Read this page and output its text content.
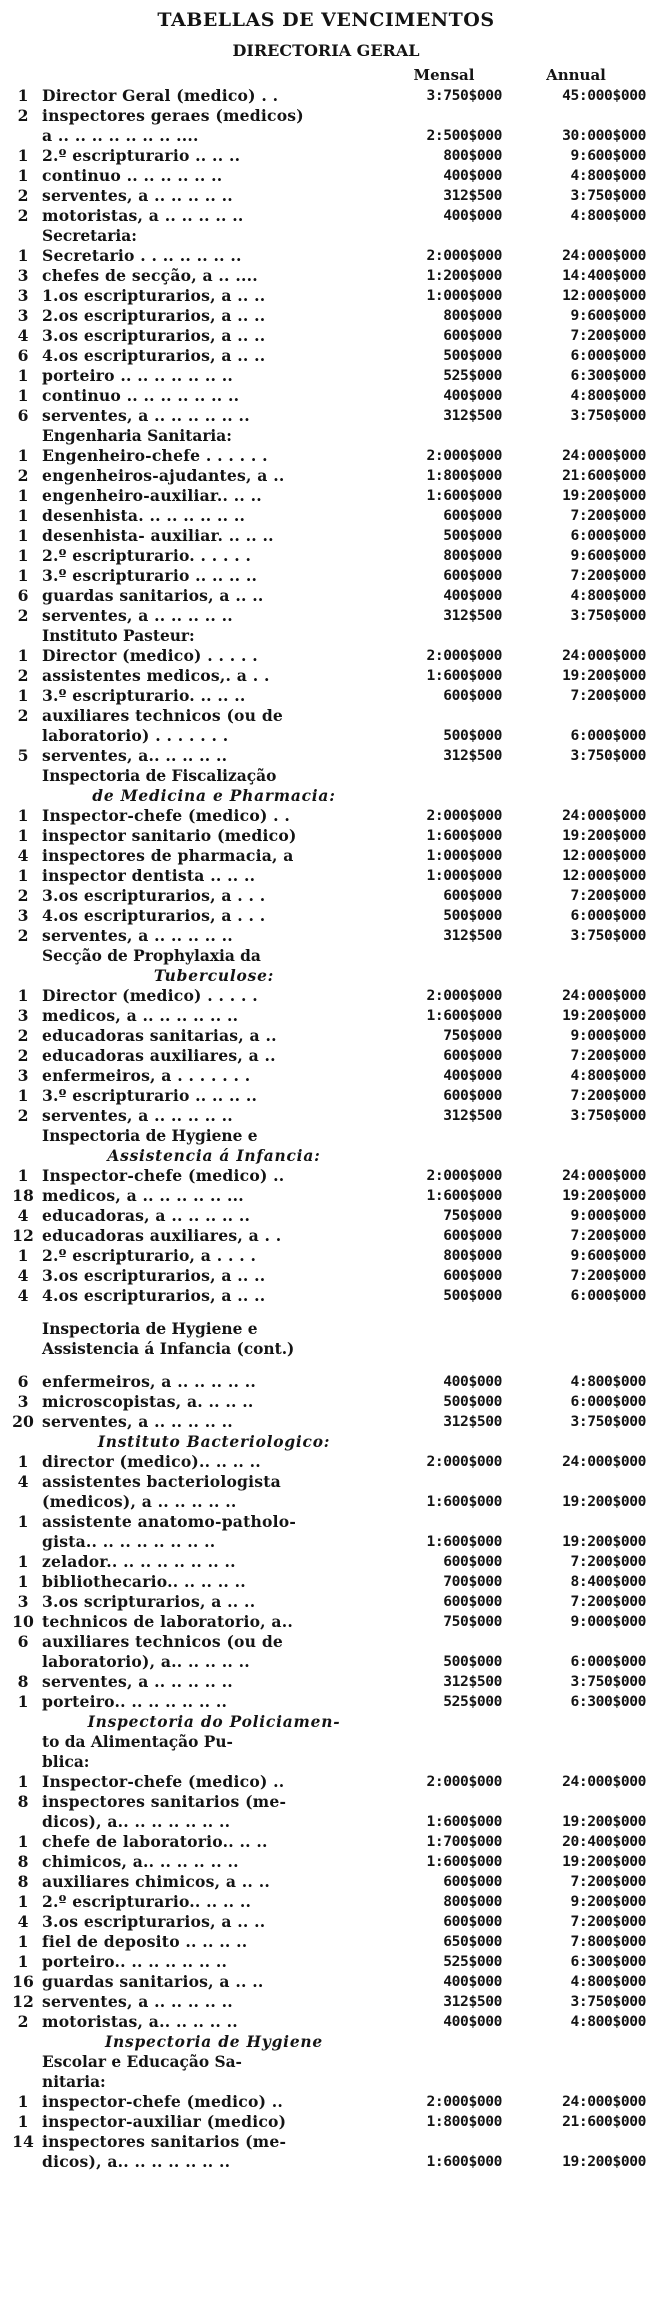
TABELLAS DE VENCIMENTOS
DIRECTORIA GERAL
Mensal	Annual
1 Director Geral (medico) . .	3:750$000	45:000$000
2 inspectores geraes (medicos)
a .. .. .. .. .. .. .. ....	2:500$000	30:000$000
1 2.º escripturario .. .. ..	800$000	9:600$000
1 continuo .. .. .. .. .. ..	400$000	4:800$000
2 serventes, a .. .. .. .. ..	312$500	3:750$000
2 motoristas, a .. .. .. .. ..	400$000	4:800$000
Secretaria:
1 Secretario . . .. .. .. .. ..	2:000$000	24:000$000
3 chefes de secção, a .. ....	1:200$000	14:400$000
3 1.os escripturarios, a .. ..	1:000$000	12:000$000
3 2.os escripturarios, a .. ..	800$000	9:600$000
4 3.os escripturarios, a .. ..	600$000	7:200$000
6 4.os escripturarios, a .. ..	500$000	6:000$000
1 porteiro .. .. .. .. .. .. ..	525$000	6:300$000
1 continuo .. .. .. .. .. .. ..	400$000	4:800$000
6 serventes, a .. .. .. .. .. ..	312$500	3:750$000
Engenharia Sanitaria:
1 Engenheiro-chefe . . . . . .	2:000$000	24:000$000
2 engenheiros-ajudantes, a ..	1:800$000	21:600$000
1 engenheiro-auxiliar.. .. ..	1:600$000	19:200$000
1 desenhista. .. .. .. .. .. ..	600$000	7:200$000
1 desenhista- auxiliar. .. .. ..	500$000	6:000$000
1 2.º escripturario. . . . . .	800$000	9:600$000
1 3.º escripturario .. .. .. ..	600$000	7:200$000
6 guardas sanitarios, a .. ..	400$000	4:800$000
2 serventes, a .. .. .. .. ..	312$500	3:750$000
Instituto Pasteur:
1 Director (medico) . . . . .	2:000$000	24:000$000
2 assistentes medicos,. a . .	1:600$000	19:200$000
1 3.º escripturario. .. .. ..	600$000	7:200$000
2 auxiliares technicos (ou de
laboratorio) . . . . . . .	500$000	6:000$000
5 serventes, a.. .. .. .. ..	312$500	3:750$000
Inspectoria de Fiscalização
de Medicina e Pharmacia:
1 Inspector-chefe (medico) . .	2:000$000	24:000$000
1 inspector sanitario (medico)	1:600$000	19:200$000
4 inspectores de pharmacia, a	1:000$000	12:000$000
1 inspector dentista .. .. ..	1:000$000	12:000$000
2 3.os escripturarios, a . . .	600$000	7:200$000
3 4.os escripturarios, a . . .	500$000	6:000$000
2 serventes, a .. .. .. .. ..	312$500	3:750$000
Secção de Prophylaxia da
Tuberculose:
1 Director (medico) . . . . .	2:000$000	24:000$000
3 medicos, a .. .. .. .. .. ..	1:600$000	19:200$000
2 educadoras sanitarias, a ..	750$000	9:000$000
2 educadoras auxiliares, a ..	600$000	7:200$000
3 enfermeiros, a . . . . . . .	400$000	4:800$000
1 3.º escripturario .. .. .. ..	600$000	7:200$000
2 serventes, a .. .. .. .. ..	312$500	3:750$000
Inspectoria de Hygiene e
Assistencia á Infancia:
1 Inspector-chefe (medico) ..	2:000$000	24:000$000
18 medicos, a .. .. .. .. .. ...	1:600$000	19:200$000
4 educadoras, a .. .. .. .. ..	750$000	9:000$000
12 educadoras auxiliares, a . .	600$000	7:200$000
1 2.º escripturario, a . . . .	800$000	9:600$000
4 3.os escripturarios, a .. ..	600$000	7:200$000
4 4.os escripturarios, a .. ..	500$000	6:000$000
Inspectoria de Hygiene e
Assistencia á Infancia (cont.)
6 enfermeiros, a .. .. .. .. ..	400$000	4:800$000
3 microscopistas, a. .. .. ..	500$000	6:000$000
20 serventes, a .. .. .. .. ..	312$500	3:750$000
Instituto Bacteriologico:
1 director (medico).. .. .. ..	2:000$000	24:000$000
4 assistentes bacteriologista
(medicos), a .. .. .. .. ..	1:600$000	19:200$000
1 assistente anatomo-patholo-
gista.. .. .. .. .. .. .. ..	1:600$000	19:200$000
1 zelador.. .. .. .. .. .. .. ..	600$000	7:200$000
1 bibliothecario.. .. .. .. ..	700$000	8:400$000
3 3.os scripturarios, a .. ..	600$000	7:200$000
10 technicos de laboratorio, a..	750$000	9:000$000
6 auxiliares technicos (ou de
laboratorio), a.. .. .. .. ..	500$000	6:000$000
8 serventes, a .. .. .. .. ..	312$500	3:750$000
1 porteiro.. .. .. .. .. .. ..	525$000	6:300$000
Inspectoria do Policiamen-
to da Alimentação Pu-
blica:
1 Inspector-chefe (medico) ..	2:000$000	24:000$000
8 inspectores sanitarios (me-
dicos), a.. .. .. .. .. .. ..	1:600$000	19:200$000
1 chefe de laboratorio.. .. ..	1:700$000	20:400$000
8 chimicos, a.. .. .. .. .. ..	1:600$000	19:200$000
8 auxiliares chimicos, a .. ..	600$000	7:200$000
1 2.º escripturario.. .. .. ..	800$000	9:200$000
4 3.os escripturarios, a .. ..	600$000	7:200$000
1 fiel de deposito .. .. .. ..	650$000	7:800$000
1 porteiro.. .. .. .. .. .. ..	525$000	6:300$000
16 guardas sanitarios, a .. ..	400$000	4:800$000
12 serventes, a .. .. .. .. ..	312$500	3:750$000
2 motoristas, a.. .. .. .. ..	400$000	4:800$000
Inspectoria de Hygiene
Escolar e Educação Sa-
nitaria:
1 inspector-chefe (medico) ..	2:000$000	24:000$000
1 inspector-auxiliar (medico)	1:800$000	21:600$000
14 inspectores sanitarios (me-
dicos), a.. .. .. .. .. .. ..	1:600$000	19:200$000
